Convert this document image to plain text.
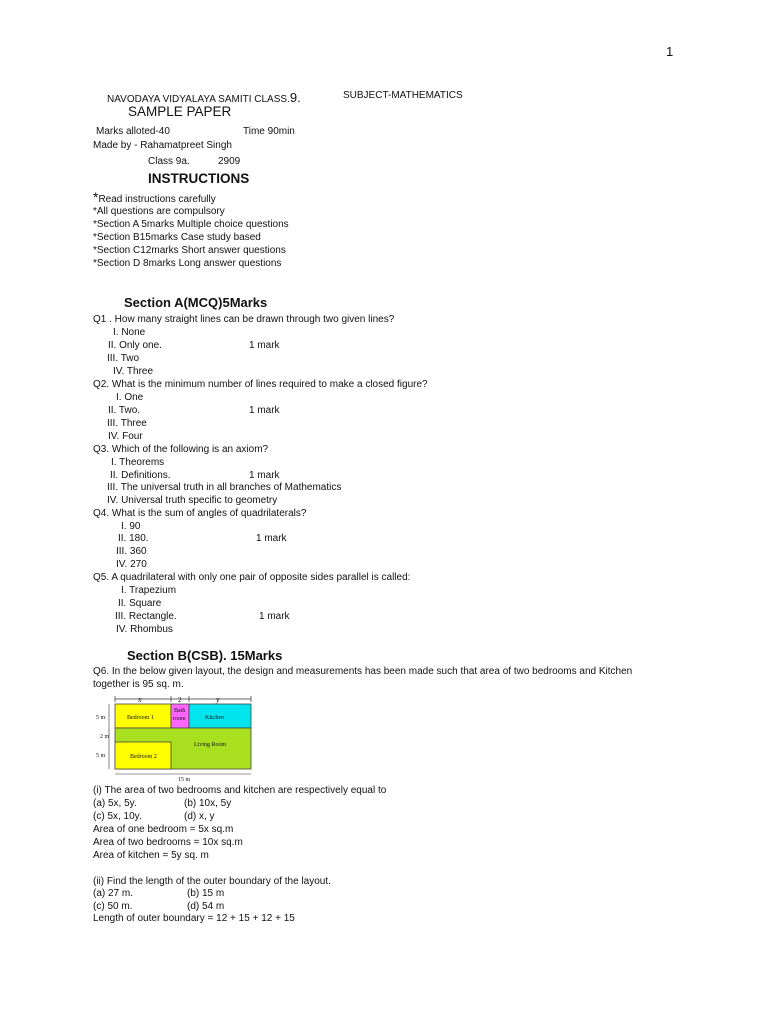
1
NAVODAYA VIDYALAYA SAMITI CLASS.9.	SUBJECT-MATHEMATICS
SAMPLE PAPER
Marks alloted-40	Time 90min
Made by - Rahamatpreet Singh
Class 9a.	2909
INSTRUCTIONS
*Read instructions carefully
*All questions are compulsory
*Section A 5marks Multiple choice questions
*Section B15marks Case study based
*Section C12marks Short answer questions
*Section D 8marks Long answer questions
Section A(MCQ)5Marks
Q1 . How many straight lines can be drawn through two given lines?
I. None
II. Only one.	1 mark
III. Two
IV. Three
Q2. What is the minimum number of lines required to make a closed figure?
I. One
II. Two.	1 mark
III. Three
IV. Four
Q3. Which of the following is an axiom?
I. Theorems
II. Definitions.	1 mark
III. The universal truth in all branches of Mathematics
IV. Universal truth specific to geometry
Q4. What is the sum of angles of quadrilaterals?
I. 90
II. 180.	1 mark
III. 360
IV. 270
Q5. A quadrilateral with only one pair of opposite sides parallel is called:
I. Trapezium
II. Square
III. Rectangle.	1 mark
IV. Rhombus
Section B(CSB). 15Marks
Q6. In the below given layout, the design and measurements has been made such that area of two bedrooms and Kitchen
together is 95 sq. m.
x	2	y
Bedroom 1
Bath
room	Kitchen
Living Room
Bedroom 2
5 m
2 m
5 m
15 m
(i) The area of two bedrooms and kitchen are respectively equal to
(a) 5x, 5y.	(b) 10x, 5y
(c) 5x, 10y.	(d) x, y
Area of one bedroom = 5x sq.m
Area of two bedrooms = 10x sq.m
Area of kitchen = 5y sq. m
(ii) Find the length of the outer boundary of the layout.
(a) 27 m.	(b) 15 m
(c) 50 m.	(d) 54 m
Length of outer boundary = 12 + 15 + 12 + 15
